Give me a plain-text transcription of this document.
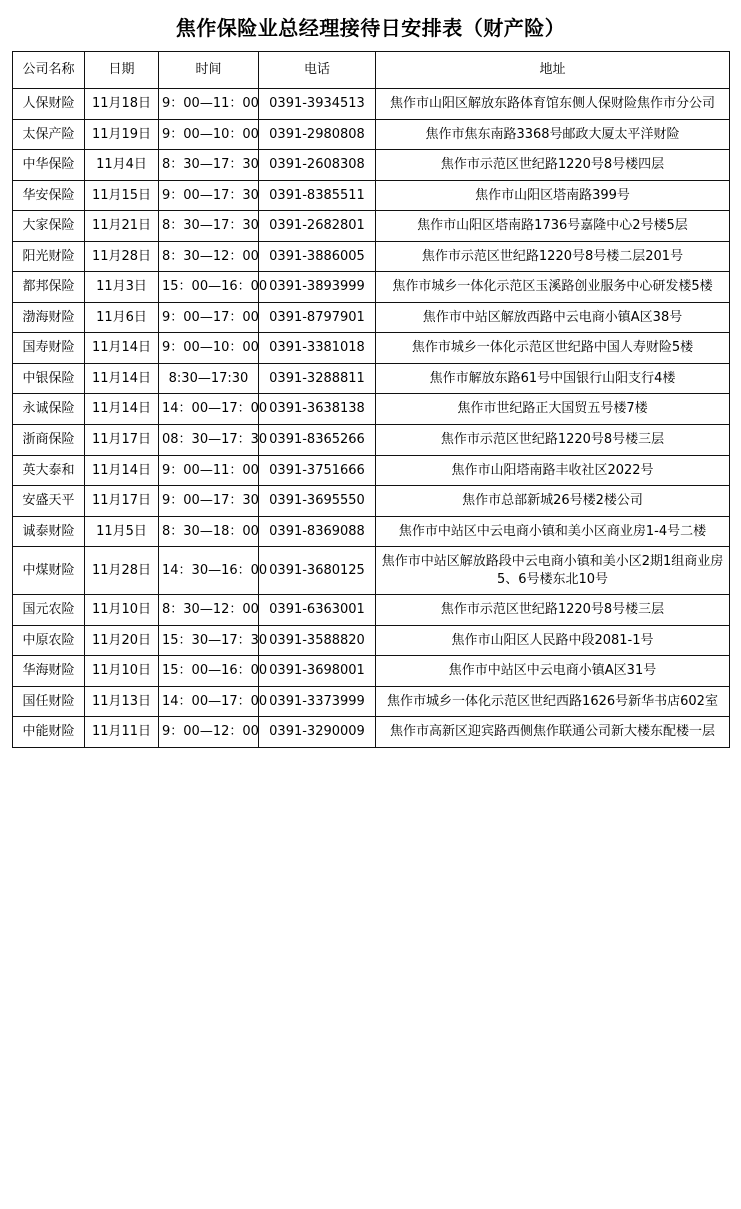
焦作保险业总经理接待日安排表（财产险）
公司名称	日期	时间	电话	地址
人保财险	11月18日	9：00—11：00	0391-3934513	焦作市山阳区解放东路体育馆东侧人保财险焦作市分公司
太保产险	11月19日	9：00—10：00	0391-2980808	焦作市焦东南路3368号邮政大厦太平洋财险
中华保险	11月4日	8：30—17：30	0391-2608308	焦作市示范区世纪路1220号8号楼四层
华安保险	11月15日	9：00—17：30	0391-8385511	焦作市山阳区塔南路399号
大家保险	11月21日	8：30—17：30	0391-2682801	焦作市山阳区塔南路1736号嘉隆中心2号楼5层
阳光财险	11月28日	8：30—12：00	0391-3886005	焦作市示范区世纪路1220号8号楼二层201号
都邦保险	11月3日	15：00—16：00	0391-3893999	焦作市城乡一体化示范区玉溪路创业服务中心研发楼5楼
渤海财险	11月6日	9：00—17：00	0391-8797901	焦作市中站区解放西路中云电商小镇A区38号
国寿财险	11月14日	9：00—10：00	0391-3381018	焦作市城乡一体化示范区世纪路中国人寿财险5楼
中银保险	11月14日	8:30—17:30	0391-3288811	焦作市解放东路61号中国银行山阳支行4楼
永诚保险	11月14日	14：00—17：00	0391-3638138	焦作市世纪路正大国贸五号楼7楼
浙商保险	11月17日	08：30—17：30	0391-8365266	焦作市示范区世纪路1220号8号楼三层
英大泰和	11月14日	9：00—11：00	0391-3751666	焦作市山阳塔南路丰收社区2022号
安盛天平	11月17日	9：00—17：30	0391-3695550	焦作市总部新城26号楼2楼公司
诚泰财险	11月5日	8：30—18：00	0391-8369088	焦作市中站区中云电商小镇和美小区商业房1-4号二楼
中煤财险	11月28日	14：30—16：00	0391-3680125	焦作市中站区解放路段中云电商小镇和美小区2期1组商业房5、6号楼东北10号
国元农险	11月10日	8：30—12：00	0391-6363001	焦作市示范区世纪路1220号8号楼三层
中原农险	11月20日	15：30—17：30	0391-3588820	焦作市山阳区人民路中段2081-1号
华海财险	11月10日	15：00—16：00	0391-3698001	焦作市中站区中云电商小镇A区31号
国任财险	11月13日	14：00—17：00	0391-3373999	焦作市城乡一体化示范区世纪西路1626号新华书店602室
中能财险	11月11日	9：00—12：00	0391-3290009	焦作市高新区迎宾路西侧焦作联通公司新大楼东配楼一层
